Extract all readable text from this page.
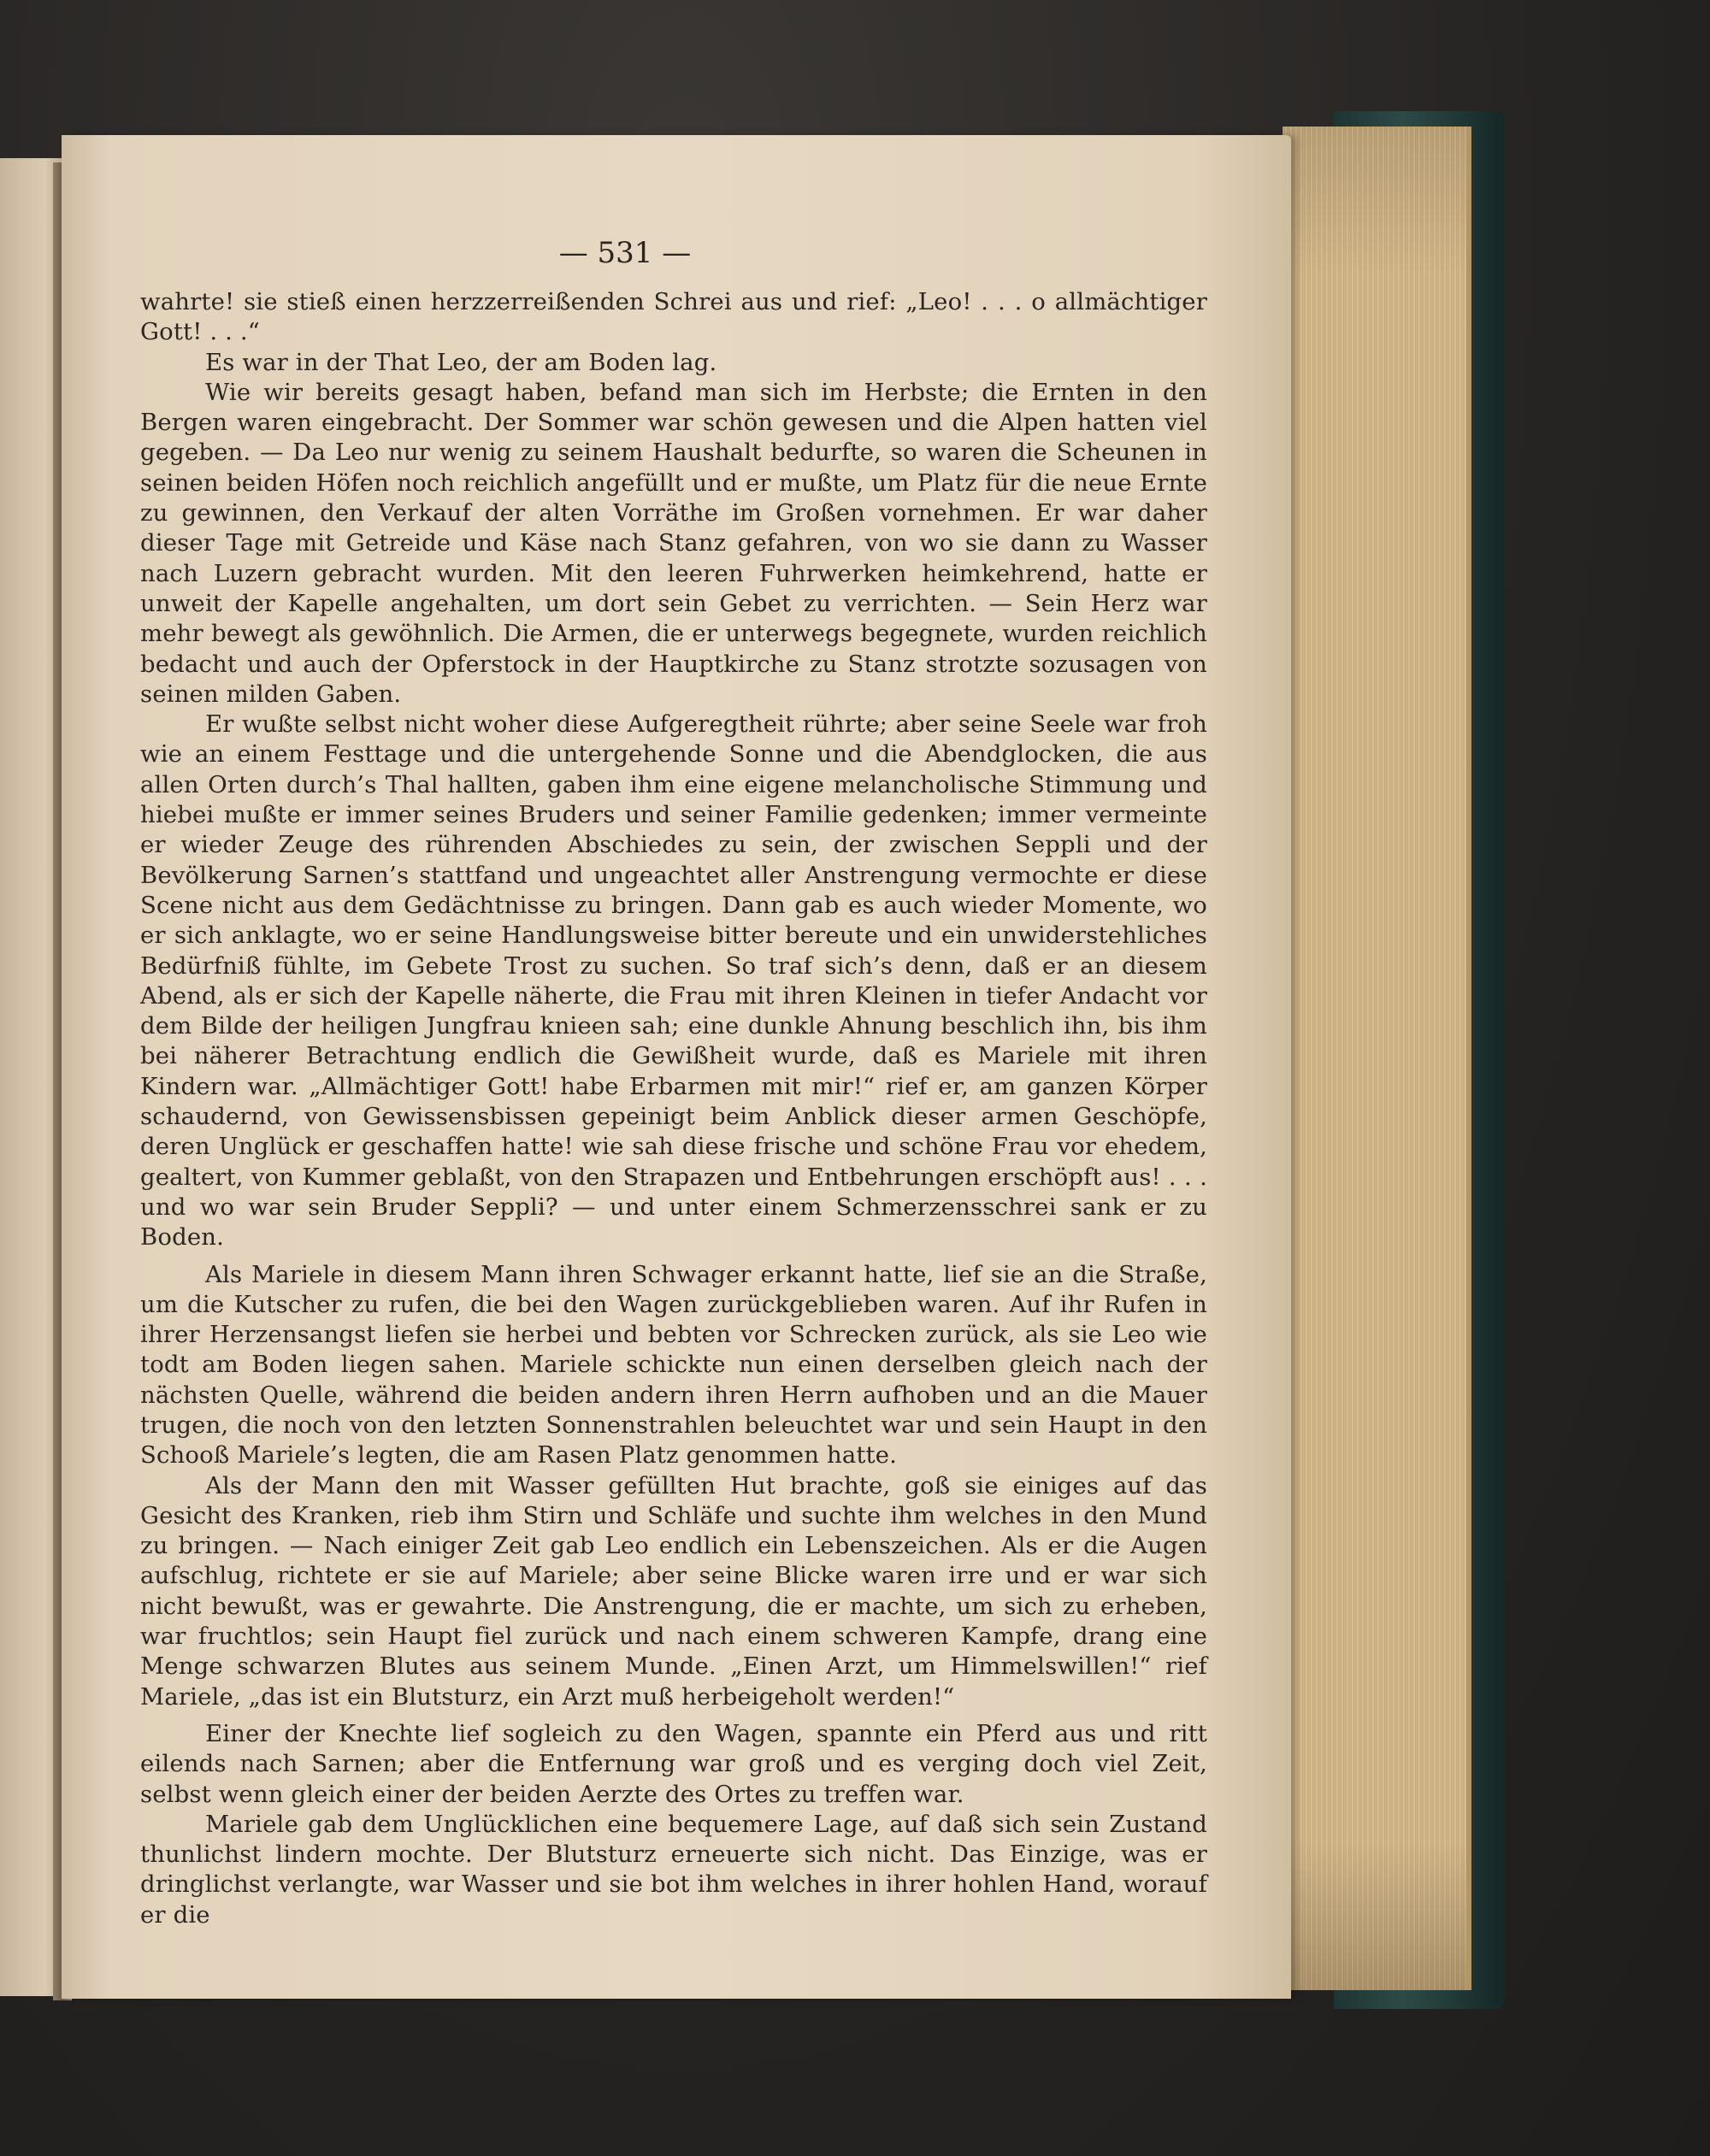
— 531 —

wahrte! sie stieß einen herzzerreißenden Schrei aus und rief: „Leo! . . . o allmächtiger Gott! . . .“

Es war in der That Leo, der am Boden lag.

Wie wir bereits gesagt haben, befand man sich im Herbste; die Ernten in den Bergen waren eingebracht. Der Sommer war schön gewesen und die Alpen hatten viel gegeben. — Da Leo nur wenig zu seinem Haushalt bedurfte, so waren die Scheunen in seinen beiden Höfen noch reichlich angefüllt und er mußte, um Platz für die neue Ernte zu gewinnen, den Verkauf der alten Vorräthe im Großen vornehmen. Er war daher dieser Tage mit Getreide und Käse nach Stanz gefahren, von wo sie dann zu Wasser nach Luzern gebracht wurden. Mit den leeren Fuhrwerken heimkehrend, hatte er unweit der Kapelle angehalten, um dort sein Gebet zu verrichten. — Sein Herz war mehr bewegt als gewöhnlich. Die Armen, die er unterwegs begegnete, wurden reichlich bedacht und auch der Opferstock in der Hauptkirche zu Stanz strotzte sozusagen von seinen milden Gaben.

Er wußte selbst nicht woher diese Aufgeregtheit rührte; aber seine Seele war froh wie an einem Festtage und die untergehende Sonne und die Abendglocken, die aus allen Orten durch’s Thal hallten, gaben ihm eine eigene melancholische Stimmung und hiebei mußte er immer seines Bruders und seiner Familie gedenken; immer vermeinte er wieder Zeuge des rührenden Abschiedes zu sein, der zwischen Seppli und der Bevölkerung Sarnen’s stattfand und ungeachtet aller Anstrengung vermochte er diese Scene nicht aus dem Gedächtnisse zu bringen. Dann gab es auch wieder Momente, wo er sich anklagte, wo er seine Handlungsweise bitter bereute und ein unwiderstehliches Bedürfniß fühlte, im Gebete Trost zu suchen. So traf sich’s denn, daß er an diesem Abend, als er sich der Kapelle näherte, die Frau mit ihren Kleinen in tiefer Andacht vor dem Bilde der heiligen Jungfrau knieen sah; eine dunkle Ahnung beschlich ihn, bis ihm bei näherer Betrachtung endlich die Gewißheit wurde, daß es Mariele mit ihren Kindern war. „Allmächtiger Gott! habe Erbarmen mit mir!“ rief er, am ganzen Körper schaudernd, von Gewissensbissen gepeinigt beim Anblick dieser armen Geschöpfe, deren Unglück er geschaffen hatte! wie sah diese frische und schöne Frau vor ehedem, gealtert, von Kummer geblaßt, von den Strapazen und Entbehrungen erschöpft aus! . . . und wo war sein Bruder Seppli? — und unter einem Schmerzensschrei sank er zu Boden.

Als Mariele in diesem Mann ihren Schwager erkannt hatte, lief sie an die Straße, um die Kutscher zu rufen, die bei den Wagen zurückgeblieben waren. Auf ihr Rufen in ihrer Herzensangst liefen sie herbei und bebten vor Schrecken zurück, als sie Leo wie todt am Boden liegen sahen. Mariele schickte nun einen derselben gleich nach der nächsten Quelle, während die beiden andern ihren Herrn aufhoben und an die Mauer trugen, die noch von den letzten Sonnenstrahlen beleuchtet war und sein Haupt in den Schooß Mariele’s legten, die am Rasen Platz genommen hatte.

Als der Mann den mit Wasser gefüllten Hut brachte, goß sie einiges auf das Gesicht des Kranken, rieb ihm Stirn und Schläfe und suchte ihm welches in den Mund zu bringen. — Nach einiger Zeit gab Leo endlich ein Lebenszeichen. Als er die Augen aufschlug, richtete er sie auf Mariele; aber seine Blicke waren irre und er war sich nicht bewußt, was er gewahrte. Die Anstrengung, die er machte, um sich zu erheben, war fruchtlos; sein Haupt fiel zurück und nach einem schweren Kampfe, drang eine Menge schwarzen Blutes aus seinem Munde. „Einen Arzt, um Himmelswillen!“ rief Mariele, „das ist ein Blutsturz, ein Arzt muß herbeigeholt werden!“

Einer der Knechte lief sogleich zu den Wagen, spannte ein Pferd aus und ritt eilends nach Sarnen; aber die Entfernung war groß und es verging doch viel Zeit, selbst wenn gleich einer der beiden Aerzte des Ortes zu treffen war.

Mariele gab dem Unglücklichen eine bequemere Lage, auf daß sich sein Zustand thunlichst lindern mochte. Der Blutsturz erneuerte sich nicht. Das Einzige, was er dringlichst verlangte, war Wasser und sie bot ihm welches in ihrer hohlen Hand, worauf er die
